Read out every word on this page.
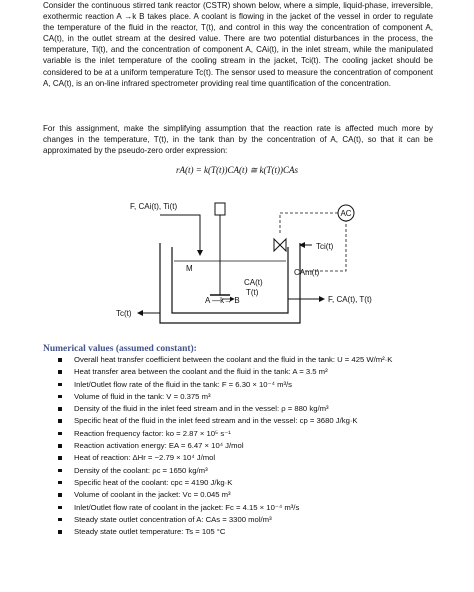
Consider the continuous stirred tank reactor (CSTR) shown below, where a simple, liquid-phase, irreversible, exothermic reaction A →k B takes place. A coolant is flowing in the jacket of the vessel in order to regulate the temperature of the fluid in the reactor, T(t), and control in this way the concentration of component A, CA(t), in the outlet stream at the desired value. There are two potential disturbances in the process, the temperature, Ti(t), and the concentration of component A, CAi(t), in the inlet stream, while the manipulated variable is the inlet temperature of the cooling stream in the jacket, Tci(t). The cooling jacket should be considered to be at a uniform temperature Tc(t). The sensor used to measure the concentration of component A, CA(t), is an on-line infrared spectrometer providing real time quantification of the concentration.

For this assignment, make the simplifying assumption that the reaction rate is affected much more by changes in the temperature, T(t), in the tank than by the concentration of A, CA(t), so that it can be approximated by the pseudo-zero order expression:

rA(t) = k(T(t))CA(t) ≅ k(T(t))CAs
F, CAi(t), Ti(t)
AC
Tci(t)
M	CAm(t)
CA(t)
T(t)
A —k→ B	F, CA(t), T(t)
Tc(t)
Numerical values (assumed constant):
Overall heat transfer coefficient between the coolant and the fluid in the tank: U = 425 W/m²·K
Heat transfer area between the coolant and the fluid in the tank: A = 3.5 m²
Inlet/Outlet flow rate of the fluid in the tank: F = 6.30 × 10⁻⁴ m³/s
Volume of fluid in the tank: V = 0.375 m³
Density of the fluid in the inlet feed stream and in the vessel: ρ = 880 kg/m³
Specific heat of the fluid in the inlet feed stream and in the vessel: cp = 3680 J/kg·K
Reaction frequency factor: ko = 2.87 × 10⁵ s⁻¹
Reaction activation energy: EA = 6.47 × 10⁴ J/mol
Heat of reaction: ΔHr = −2.79 × 10⁴ J/mol
Density of the coolant: ρc = 1650 kg/m³
Specific heat of the coolant: cpc = 4190 J/kg·K
Volume of coolant in the jacket: Vc = 0.045 m³
Inlet/Outlet flow rate of coolant in the jacket: Fc = 4.15 × 10⁻⁴ m³/s
Steady state outlet concentration of A: CAs = 3300 mol/m³
Steady state outlet temperature: Ts = 105 °C
